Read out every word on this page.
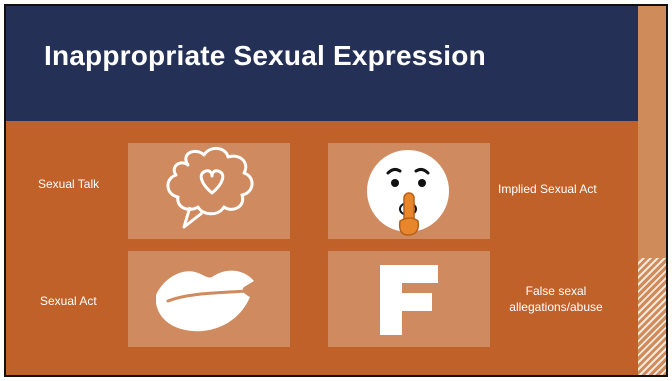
Inappropriate Sexual Expression
Sexual Talk	Implied Sexual Act
Sexual Act
False sexal
allegations/abuse
